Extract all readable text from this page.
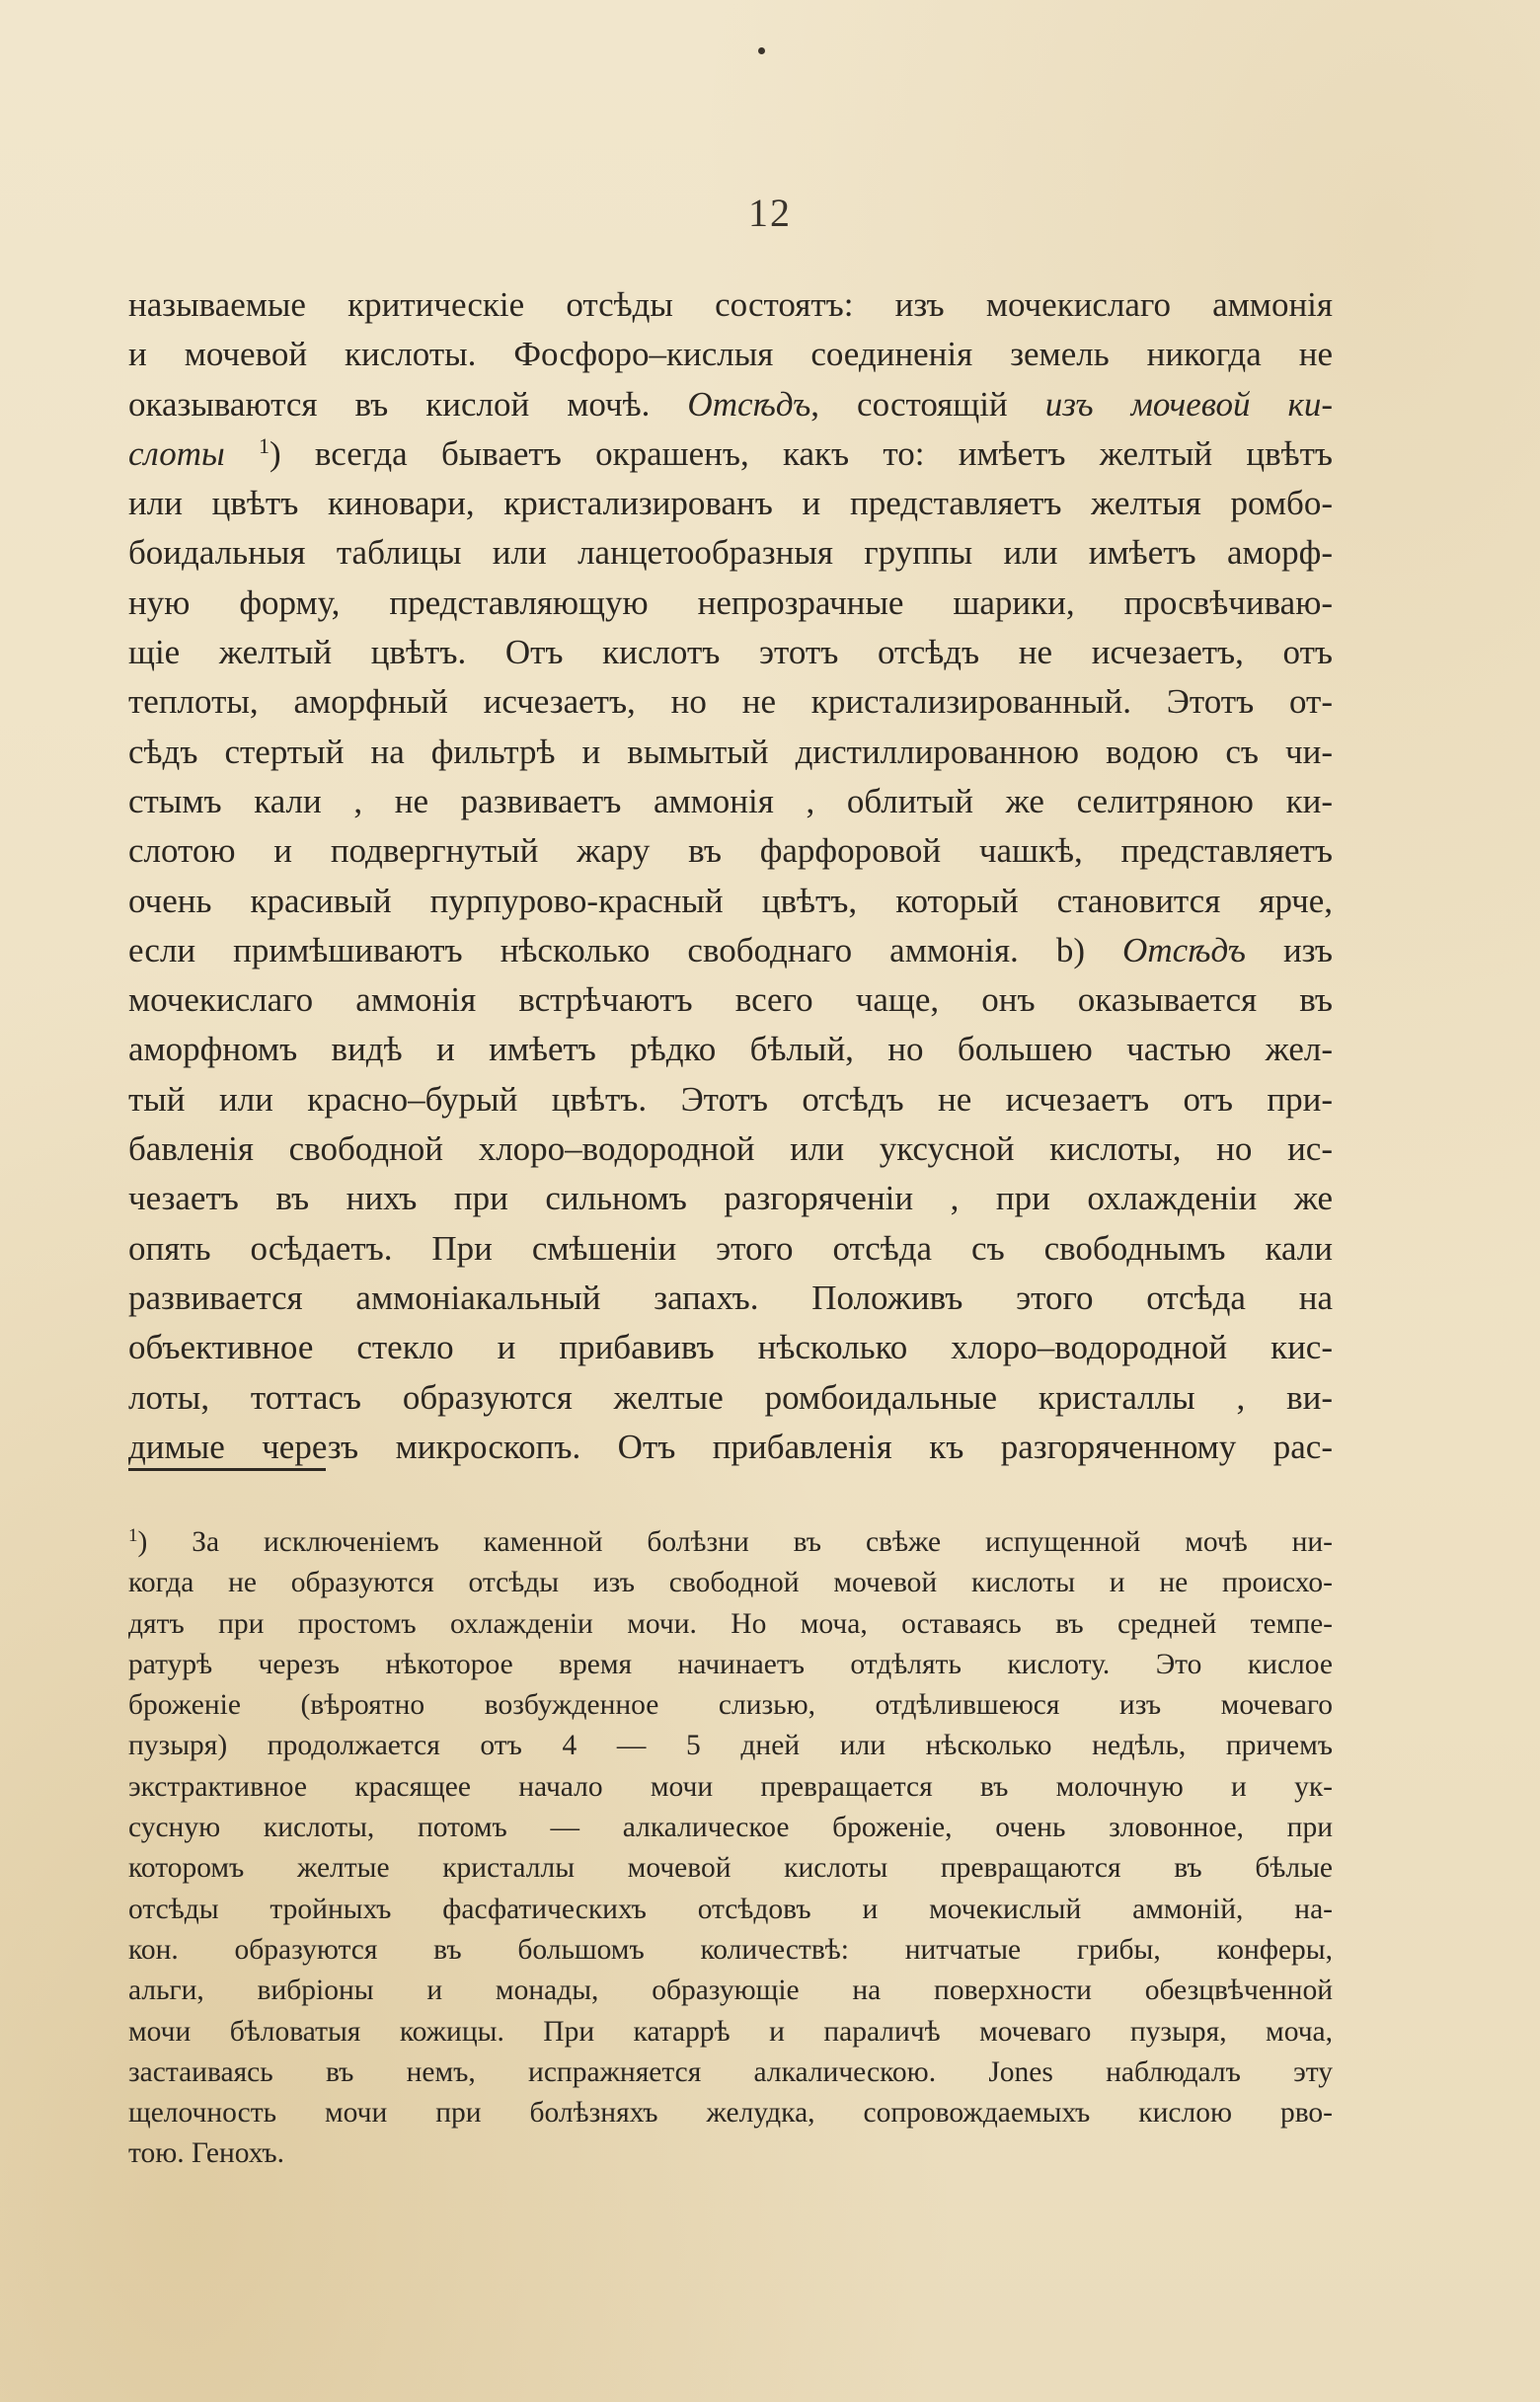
12
называемые критическіе отсѣды состоятъ: изъ мочекислаго аммонія
и мочевой кислоты. Фосфоро–кислыя соединенія земель никогда не
оказываются въ кислой мочѣ. Отсѣдъ, состоящій изъ мочевой ки-
слоты $^1$) всегда бываетъ окрашенъ, какъ то: имѣетъ желтый цвѣтъ
или цвѣтъ киновари, кристализированъ и представляетъ желтыя ромбо-
боидальныя таблицы или ланцетообразныя группы или имѣетъ аморф-
ную форму, представляющую непрозрачные шарики, просвѣчиваю-
щіе желтый цвѣтъ. Отъ кислотъ этотъ отсѣдъ не исчезаетъ, отъ
теплоты, аморфный исчезаетъ, но не кристализированный. Этотъ от-
сѣдъ стертый на фильтрѣ и вымытый дистиллированною водою съ чи-
стымъ кали , не развиваетъ аммонія , облитый же селитряною ки-
слотою и подвергнутый жару въ фарфоровой чашкѣ, представляетъ
очень красивый пурпурово-красный цвѣтъ, который становится ярче,
если примѣшиваютъ нѣсколько свободнаго аммонія. b) Отсѣдъ изъ
мочекислаго аммонія встрѣчаютъ всего чаще, онъ оказывается въ
аморфномъ видѣ и имѣетъ рѣдко бѣлый, но большею частью жел-
тый или красно–бурый цвѣтъ. Этотъ отсѣдъ не исчезаетъ отъ при-
бавленія свободной хлоро–водородной или уксусной кислоты, но ис-
чезаетъ въ нихъ при сильномъ разгоряченіи , при охлажденіи же
опять осѣдаетъ. При смѣшеніи этого отсѣда съ свободнымъ кали
развивается аммоніакальный запахъ. Положивъ этого отсѣда на
объективное стекло и прибавивъ нѣсколько хлоро–водородной кис-
лоты, тоттасъ образуются желтые ромбоидальные кристаллы , ви-
димые черезъ микроскопъ. Отъ прибавленія къ разгоряченному рас-
$^1$) За исключеніемъ каменной болѣзни въ свѣже испущенной мочѣ ни-
когда не образуются отсѣды изъ свободной мочевой кислоты и не происхо-
дятъ при простомъ охлажденіи мочи. Но моча, оставаясь въ средней темпе-
ратурѣ черезъ нѣкоторое время начинаетъ отдѣлять кислоту. Это кислое
броженіе (вѣроятно возбужденное слизью, отдѣлившеюся изъ мочеваго
пузыря) продолжается отъ 4 — 5 дней или нѣсколько недѣль, причемъ
экстрактивное красящее начало мочи превращается въ молочную и ук-
сусную кислоты, потомъ — алкалическое броженіе, очень зловонное, при
которомъ желтые кристаллы мочевой кислоты превращаются въ бѣлые
отсѣды тройныхъ фасфатическихъ отсѣдовъ и мочекислый аммоній, на-
кон. образуются въ большомъ количествѣ: нитчатые грибы, конферы,
альги, вибріоны и монады, образующіе на поверхности обезцвѣченной
мочи бѣловатыя кожицы. При катаррѣ и параличѣ мочеваго пузыря, моча,
застаиваясь въ немъ, испражняется алкалическою. Jones наблюдалъ эту
щелочность мочи при болѣзняхъ желудка, сопровождаемыхъ кислою рво-
тою. Генохъ.
